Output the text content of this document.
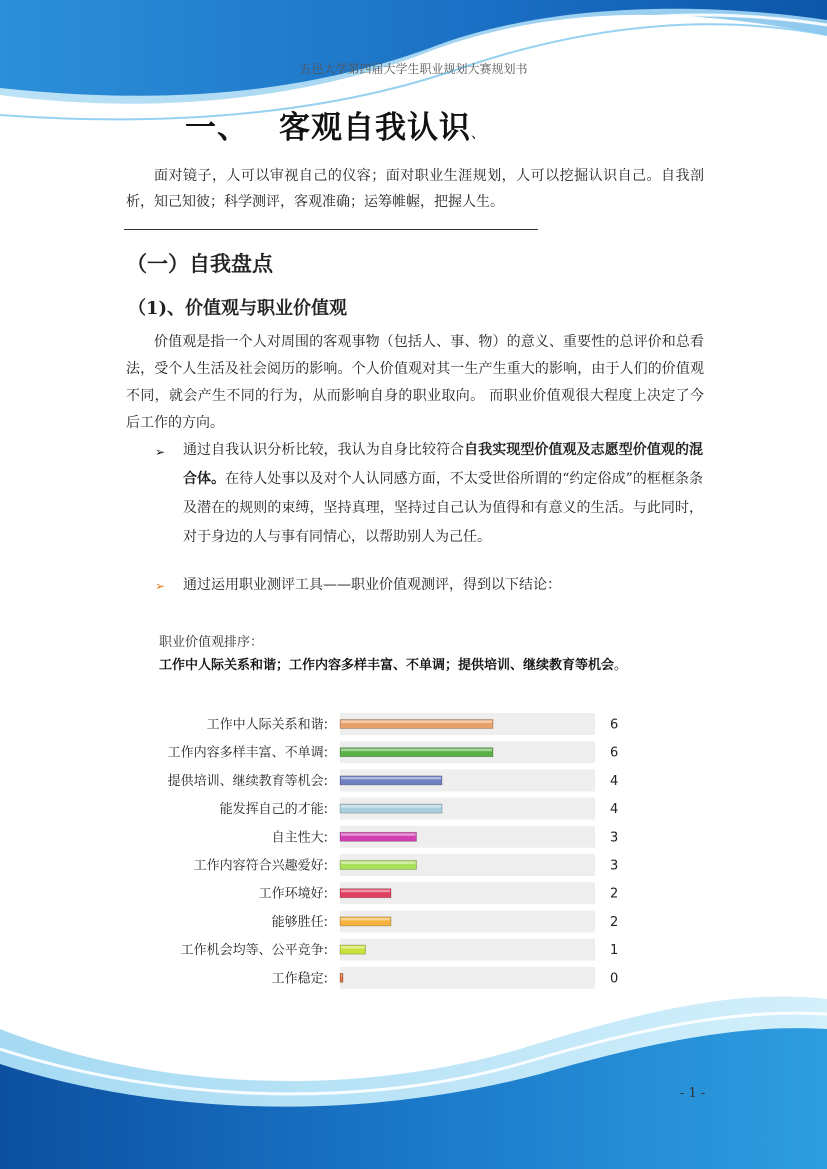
五邑大学第四届大学生职业规划大赛规划书
一、 客观自我认识、
面对镜子，人可以审视自己的仪容；面对职业生涯规划，人可以挖掘认识自己。自我剖析，知己知彼；科学测评，客观准确；运筹帷幄，把握人生。
（一）自我盘点
（1)、价值观与职业价值观
价值观是指一个人对周围的客观事物（包括人、事、物）的意义、重要性的总评价和总看法，受个人生活及社会阅历的影响。个人价值观对其一生产生重大的影响，由于人们的价值观不同，就会产生不同的行为，从而影响自身的职业取向。 而职业价值观很大程度上决定了今后工作的方向。
➢ 通过自我认识分析比较，我认为自身比较符合自我实现型价值观及志愿型价值观的混合体。在待人处事以及对个人认同感方面，不太受世俗所谓的“约定俗成”的框框条条及潜在的规则的束缚，坚持真理，坚持过自己认为值得和有意义的生活。与此同时，对于身边的人与事有同情心，以帮助别人为己任。
➢ 通过运用职业测评工具——职业价值观测评，得到以下结论：
职业价值观排序：
工作中人际关系和谐；工作内容多样丰富、不单调；提供培训、继续教育等机会。
工作中人际关系和谐:	6
工作内容多样丰富、不单调:	6
提供培训、继续教育等机会:	4
能发挥自己的才能:	4
自主性大:	3
工作内容符合兴趣爱好:	3
工作环境好:	2
能够胜任:	2
工作机会均等、公平竞争:	1
工作稳定:	0
- 1 -
